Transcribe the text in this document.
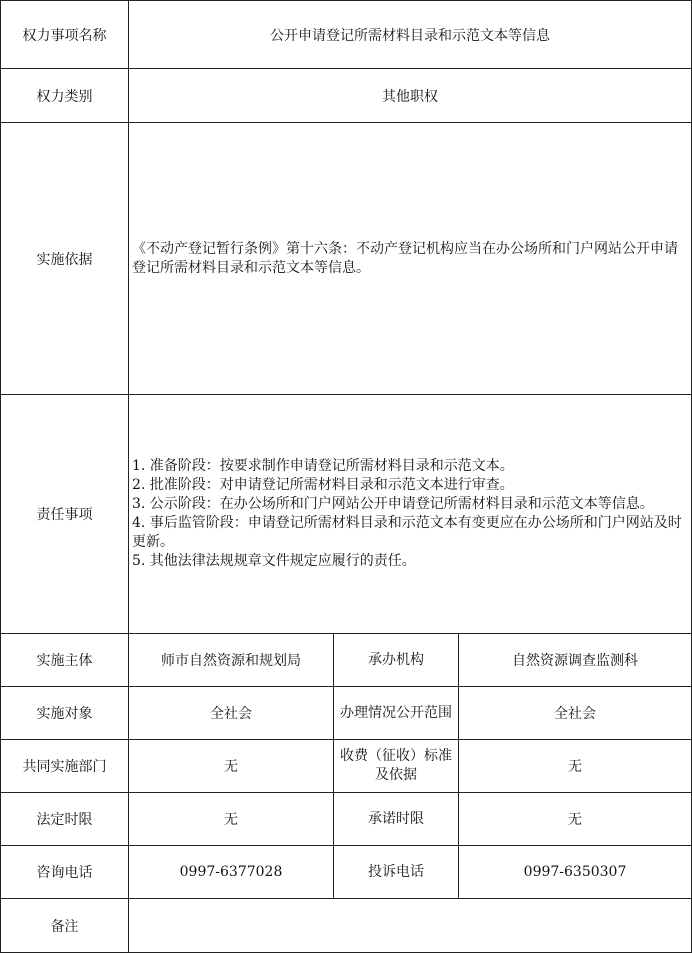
权力事项名称	公开申请登记所需材料目录和示范文本等信息		
权力类别	其他职权		
实施依据	《不动产登记暂行条例》第十六条：不动产登记机构应当在办公场所和门户网站公开申请登记所需材料目录和示范文本等信息。		

责任事项	1. 准备阶段：按要求制作申请登记所需材料目录和示范文本。

2. 批准阶段：对申请登记所需材料目录和示范文本进行审查。

3. 公示阶段：在办公场所和门户网站公开申请登记所需材料目录和示范文本等信息。

4. 事后监管阶段：申请登记所需材料目录和示范文本有变更应在办公场所和门户网站及时更新。

5. 其他法律法规规章文件规定应履行的责任。		

实施主体	师市自然资源和规划局	承办机构	自然资源调查监测科
实施对象	全社会	办理情况公开范围	全社会
共同实施部门	无	收费（征收）标准及依据	无
法定时限	无	承诺时限	无
咨询电话	0997-6377028	投诉电话	0997-6350307
备注			
